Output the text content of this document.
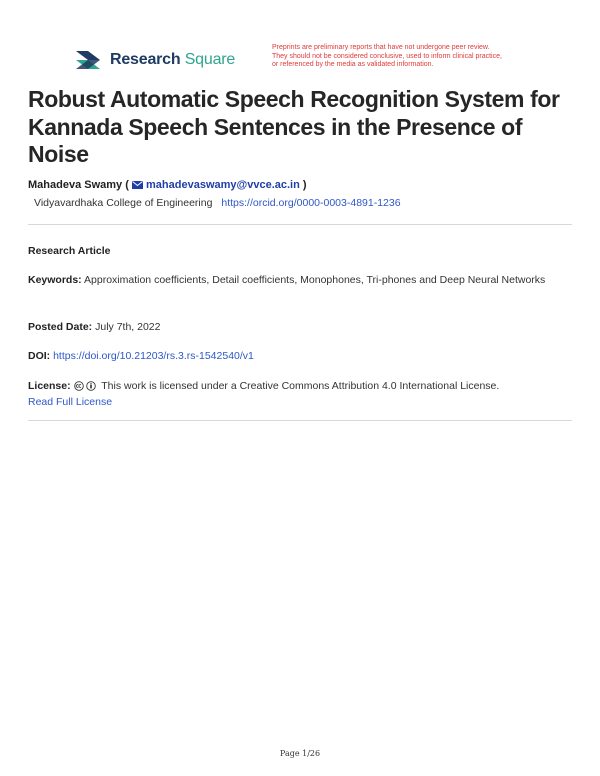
Research Square
Preprints are preliminary reports that have not undergone peer review.
They should not be considered conclusive, used to inform clinical practice,
or referenced by the media as validated information.
Robust Automatic Speech Recognition System for Kannada Speech Sentences in the Presence of Noise
Mahadeva Swamy ( mahadevaswamy@vvce.ac.in )
Vidyavardhaka College of Engineering https://orcid.org/0000-0003-4891-1236
Research Article
Keywords: Approximation coefficients, Detail coefficients, Monophones, Tri-phones and Deep Neural Networks
Posted Date: July 7th, 2022
DOI: https://doi.org/10.21203/rs.3.rs-1542540/v1
License:	This work is licensed under a Creative Commons Attribution 4.0 International License.
Read Full License
Page 1/26
